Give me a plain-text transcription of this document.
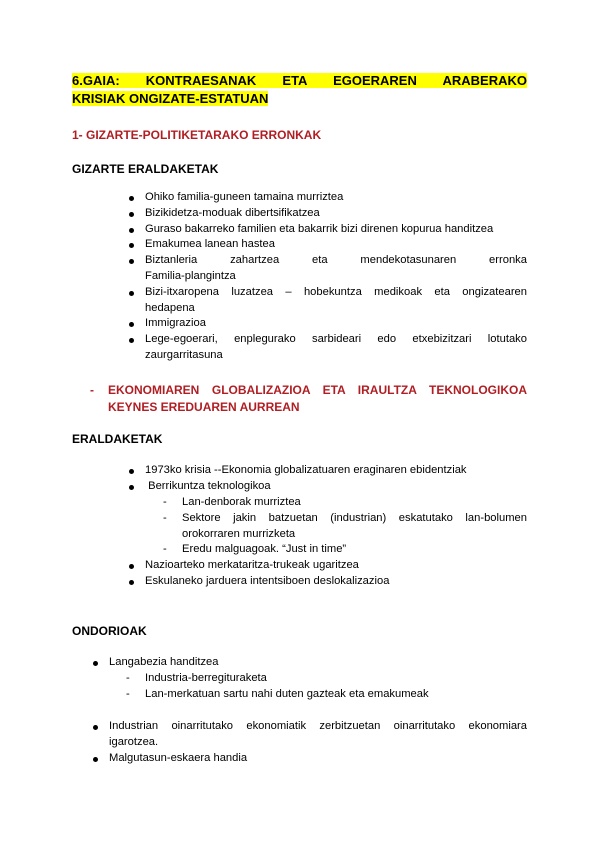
6.GAIA: KONTRAESANAK ETA EGOERAREN ARABERAKO
KRISIAK ONGIZATE-ESTATUAN
1- GIZARTE-POLITIKETARAKO ERRONKAK
GIZARTE ERALDAKETAK
Ohiko familia-guneen tamaina murriztea
Bizikidetza-moduak dibertsifikatzea
Guraso bakarreko familien eta bakarrik bizi direnen kopurua handitzea
Emakumea lanean hastea
Biztanleria zahartzea eta mendekotasunaren erronka
Familia-plangintza
Bizi-itxaropena luzatzea – hobekuntza medikoak eta ongizatearen
hedapena
Immigrazioa
Lege-egoerari, enplegurako sarbideari edo etxebizitzari lotutako
zaurgarritasuna
- EKONOMIAREN GLOBALIZAZIOA ETA IRAULTZA TEKNOLOGIKOA
KEYNES EREDUAREN AURREAN
ERALDAKETAK
1973ko krisia --Ekonomia globalizatuaren eraginaren ebidentziak
Berrikuntza teknologikoa
- Lan-denborak murriztea
- Sektore jakin batzuetan (industrian) eskatutako lan-bolumen
orokorraren murrizketa
- Eredu malguagoak. “Just in time”
Nazioarteko merkataritza-trukeak ugaritzea
Eskulaneko jarduera intentsiboen deslokalizazioa
ONDORIOAK
Langabezia handitzea
- Industria-berregituraketa
- Lan-merkatuan sartu nahi duten gazteak eta emakumeak
Industrian oinarritutako ekonomiatik zerbitzuetan oinarritutako ekonomiara
igarotzea.
Malgutasun-eskaera handia
